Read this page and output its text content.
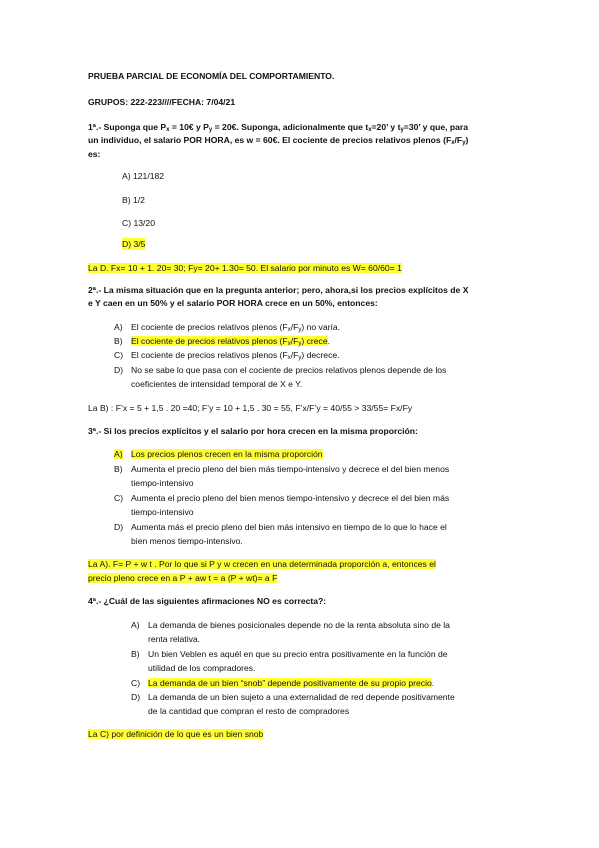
PRUEBA PARCIAL DE ECONOMÍA DEL COMPORTAMIENTO.
GRUPOS: 222-223////FECHA: 7/04/21
1ª.- Suponga que $P_x$ = 10€ y $P_y$ = 20€. Suponga, adicionalmente que $t_x=20$’ y $t_y=30$’ y que, para
un individuo, el salario POR HORA, es w = 60€. El cociente de precios relativos plenos $(F_x/F_y)$
es:
A) 121/182
B) 1/2
C) 13/20
D) 3/5
La D. Fx= 10 + 1. 20= 30; Fy= 20+ 1.30= 50. El salario por minuto es W= 60/60= 1
2ª.- La misma situación que en la pregunta anterior; pero, ahora,si los precios explícitos de X
e Y caen en un 50% y el salario POR HORA crece en un 50%, entonces:
A) El cociente de precios relativos plenos $(F_x/F_y)$ no varía.
B) El cociente de precios relativos plenos $(F_x/F_y)$ crece.
C) El cociente de precios relativos plenos $(F_x/F_y)$ decrece.
D) No se sabe lo que pasa con el cociente de precios relativos plenos depende de los
coeficientes de intensidad temporal de X e Y.
La B) : F’x = 5 + 1,5 . 20 =40; F’y = 10 + 1,5 . 30 = 55, F’x/F’y = 40/55 > 33/55= Fx/Fy
3ª.- Si los precios explícitos y el salario por hora crecen en la misma proporción:
A) Los precios plenos crecen en la misma proporción
B) Aumenta el precio pleno del bien más tiempo-intensivo y decrece el del bien menos
tiempo-intensivo
C) Aumenta el precio pleno del bien menos tiempo-intensivo y decrece el del bien más
tiempo-intensivo
D) Aumenta más el precio pleno del bien más intensivo en tiempo de lo que lo hace el
bien menos tiempo-intensivo.
La A). F= P + w t . Por lo que si P y w crecen en una determinada proporción a, entonces el
precio pleno crece en a P + aw t = a (P + wt)= a F
4ª.- ¿Cuál de las siguientes afirmaciones NO es correcta?:
A) La demanda de bienes posicionales depende no de la renta absoluta sino de la
renta relativa.
B) Un bien Veblen es aquél en que su precio entra positivamente en la función de
utilidad de los compradores.
C) La demanda de un bien “snob” depende positivamente de su propio precio.
D) La demanda de un bien sujeto a una externalidad de red depende positivamente
de la cantidad que compran el resto de compradores
La C) por definición de lo que es un bien snob
